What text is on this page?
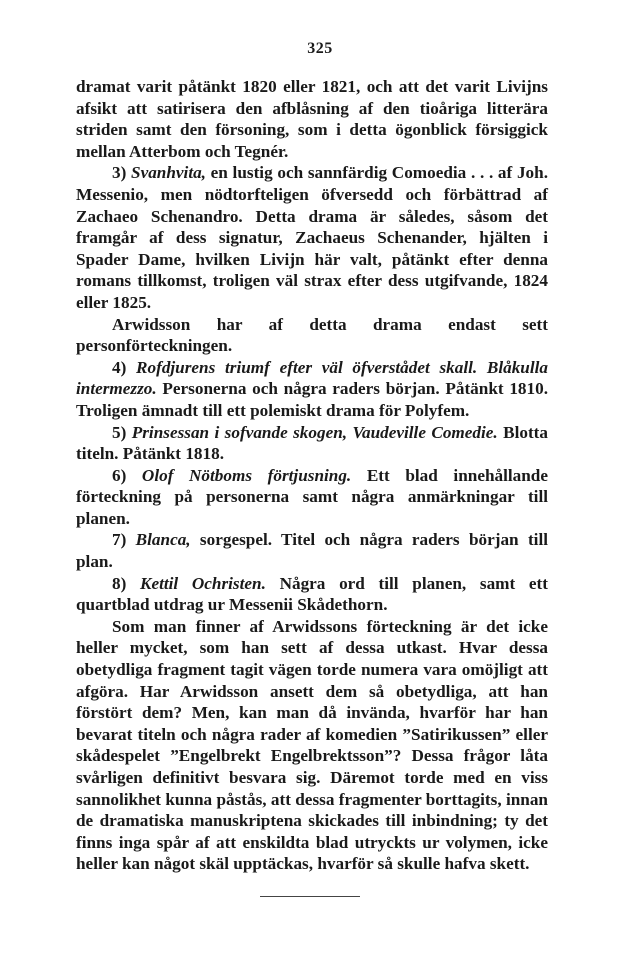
325

dramat varit påtänkt 1820 eller 1821, och att det varit Livijns afsikt att satirisera den afblåsning af den tioåriga litterära striden samt den försoning, som i detta ögonblick försiggick mellan Atterbom och Tegnér.

3) Svanhvita, en lustig och sannfärdig Comoedia . . . af Joh. Messenio, men nödtorfteligen öfversedd och förbättrad af Zachaeo Schenandro. Detta drama är således, såsom det framgår af dess signatur, Zachaeus Schenander, hjälten i Spader Dame, hvilken Livijn här valt, påtänkt efter denna romans tillkomst, troligen väl strax efter dess utgifvande, 1824 eller 1825.

Arwidsson har af detta drama endast sett personförteckningen.

4) Rofdjurens triumf efter väl öfverstådet skall. Blåkulla intermezzo. Personerna och några raders början. Påtänkt 1810. Troligen ämnadt till ett polemiskt drama för Polyfem.

5) Prinsessan i sofvande skogen, Vaudeville Comedie. Blotta titeln. Påtänkt 1818.

6) Olof Nötboms förtjusning. Ett blad innehållande förteckning på personerna samt några anmärkningar till planen.

7) Blanca, sorgespel. Titel och några raders början till plan.

8) Kettil Ochristen. Några ord till planen, samt ett quartblad utdrag ur Messenii Skådethorn.

Som man finner af Arwidssons förteckning är det icke heller mycket, som han sett af dessa utkast. Hvar dessa obetydliga fragment tagit vägen torde numera vara omöjligt att afgöra. Har Arwidsson ansett dem så obetydliga, att han förstört dem? Men, kan man då invända, hvarför har han bevarat titeln och några rader af komedien ”Satirikussen” eller skådespelet ”Engelbrekt Engelbrektsson”? Dessa frågor låta svårligen definitivt besvara sig. Däremot torde med en viss sannolikhet kunna påstås, att dessa fragmenter borttagits, innan de dramatiska manuskriptena skickades till inbindning; ty det finns inga spår af att enskildta blad utryckts ur volymen, icke heller kan något skäl upptäckas, hvarför så skulle hafva skett.
